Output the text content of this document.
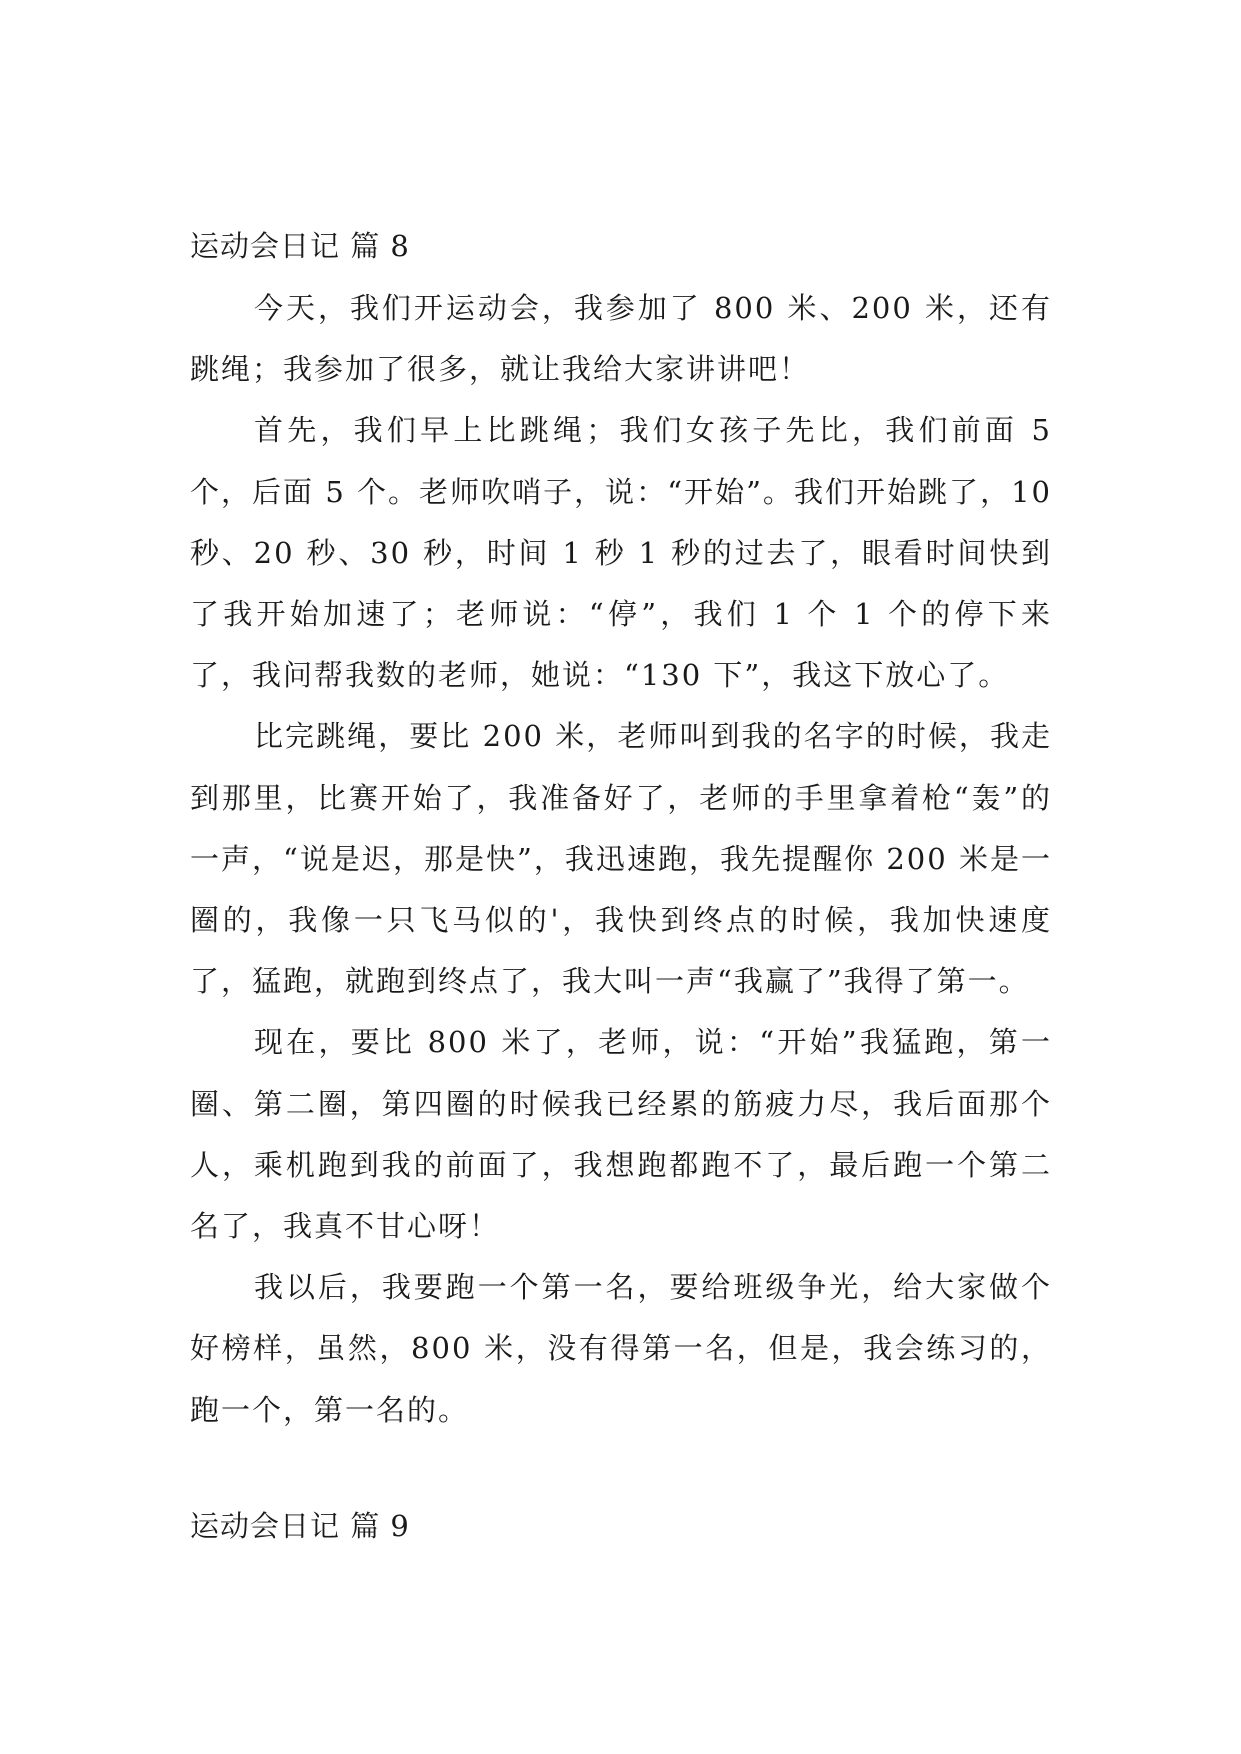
运动会日记 篇 8

今天，我们开运动会，我参加了 800 米、200 米，还有跳绳；我参加了很多，就让我给大家讲讲吧！

首先，我们早上比跳绳；我们女孩子先比，我们前面 5 个，后面 5 个。老师吹哨子，说：“开始”。我们开始跳了，10 秒、20 秒、30 秒，时间 1 秒 1 秒的过去了，眼看时间快到了我开始加速了；老师说：“停”，我们 1 个 1 个的停下来了，我问帮我数的老师，她说：“130 下”，我这下放心了。

比完跳绳，要比 200 米，老师叫到我的名字的时候，我走到那里，比赛开始了，我准备好了，老师的手里拿着枪“轰”的一声，“说是迟，那是快”，我迅速跑，我先提醒你 200 米是一圈的，我像一只飞马似的'，我快到终点的时候，我加快速度了，猛跑，就跑到终点了，我大叫一声“我赢了”我得了第一。

现在，要比 800 米了，老师，说：“开始”我猛跑，第一圈、第二圈，第四圈的时候我已经累的筋疲力尽，我后面那个人，乘机跑到我的前面了，我想跑都跑不了，最后跑一个第二名了，我真不甘心呀！

我以后，我要跑一个第一名，要给班级争光，给大家做个好榜样，虽然，800 米，没有得第一名，但是，我会练习的，跑一个，第一名的。

运动会日记 篇 9
